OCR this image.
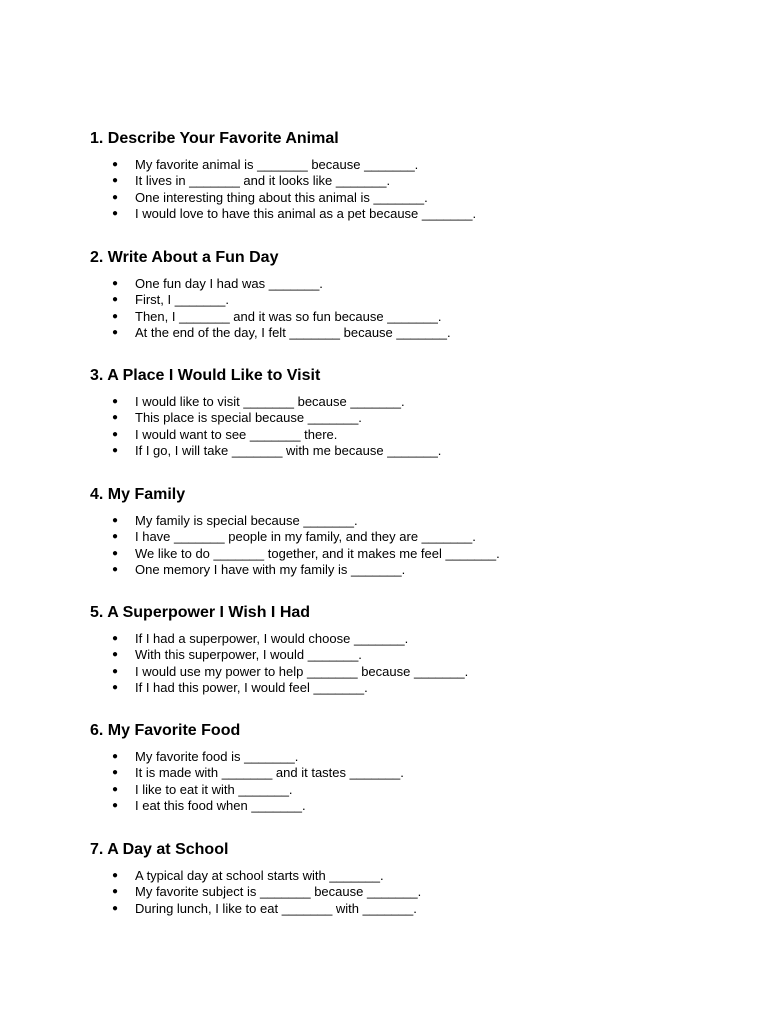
1. Describe Your Favorite Animal
● My favorite animal is _______ because _______.
● It lives in _______ and it looks like _______.
● One interesting thing about this animal is _______.
● I would love to have this animal as a pet because _______.
2. Write About a Fun Day
● One fun day I had was _______.
● First, I _______.
● Then, I _______ and it was so fun because _______.
● At the end of the day, I felt _______ because _______.
3. A Place I Would Like to Visit
● I would like to visit _______ because _______.
● This place is special because _______.
● I would want to see _______ there.
● If I go, I will take _______ with me because _______.
4. My Family
● My family is special because _______.
● I have _______ people in my family, and they are _______.
● We like to do _______ together, and it makes me feel _______.
● One memory I have with my family is _______.
5. A Superpower I Wish I Had
● If I had a superpower, I would choose _______.
● With this superpower, I would _______.
● I would use my power to help _______ because _______.
● If I had this power, I would feel _______.
6. My Favorite Food
● My favorite food is _______.
● It is made with _______ and it tastes _______.
● I like to eat it with _______.
● I eat this food when _______.
7. A Day at School
● A typical day at school starts with _______.
● My favorite subject is _______ because _______.
● During lunch, I like to eat _______ with _______.
